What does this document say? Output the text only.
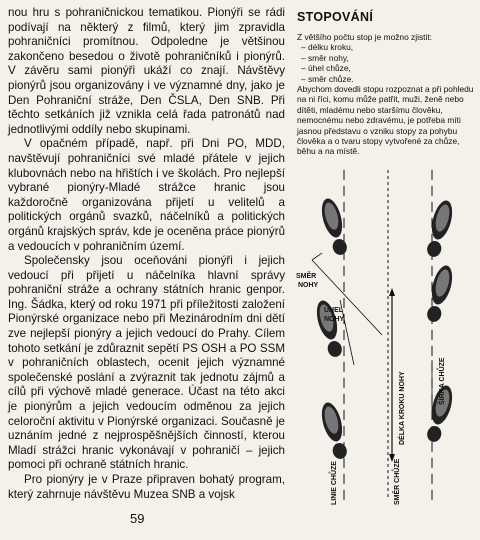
nou hru s pohraničnickou tematikou. Pionýři se rádi podívají na některý z filmů, který jim zpravidla pohraničníci promítnou. Odpoledne je většinou zakončeno besedou o životě pohraničníků i pionýrů. V závěru sami pionýři ukáží co znají. Návštěvy pionýrů jsou organizovány i ve významné dny, jako je Den Pohraniční stráže, Den ČSLA, Den SNB. Při těchto setkáních již vznikla celá řada patronátů nad jednotlivými oddíly nebo skupinami.

V opačném případě, např. při Dni PO, MDD, navštěvují pohraničníci své mladé přátele v jejich klubovnách nebo na hřištích i ve školách. Pro nejlepší vybrané pionýry-Mladé strážce hranic jsou každoročně organizována přijetí u velitelů a politických orgánů svazků, náčelníků a politických orgánů krajských správ, kde je oceněna práce pionýrů a vedoucích v pohraničním území.

Společensky jsou oceňováni pionýři i jejich vedoucí při přijetí u náčelníka hlavní správy pohraniční stráže a ochrany státních hranic genpor. Ing. Šádka, který od roku 1971 při příležitosti založení Pionýrské organizace nebo při Mezinárodním dni dětí zve nejlepší pionýry a jejich vedoucí do Prahy. Cílem tohoto setkání je zdůraznit sepětí PS OSH a PO SSM v pohraničních oblastech, ocenit jejich významné společenské poslání a zvýraznit tak jednotu zájmů a cílů při výchově mladé generace. Účast na této akci je pionýrům a jejich vedoucím odměnou za jejich celoroční aktivitu v Pionýrské organizaci. Současně je uznáním jedné z nejprospěšnějších činností, kterou Mladí strážci hranic vykonávají v pohraničí – jejich pomoci při ochraně státních hranic.

Pro pionýry je v Praze připraven bohatý program, který zahrnuje návštěvu Muzea SNB a vojsk

STOPOVÁNÍ

Z většího počtu stop je možno zjistit:

– délku kroku,
– směr nohy,
– úhel chůze,
– směr chůze.

Abychom dovedli stopu rozpoznat a při pohledu na ni říci, komu může patřit, muži, ženě nebo dítěti, mladému nebo staršímu člověku, nemocnému nebo zdravému, je potřeba míti jasnou představu o vzniku stopy za pohybu člověka a o tvaru stopy vytvořené za chůze, běhu a na místě.

SMĚR
NOHY
ÚHEL
NOHY
DÉLKA KROKU NOHY	ŠÍŘKA CHŮZE
SMĚR CHŮZE
LINIE CHŮZE
59
